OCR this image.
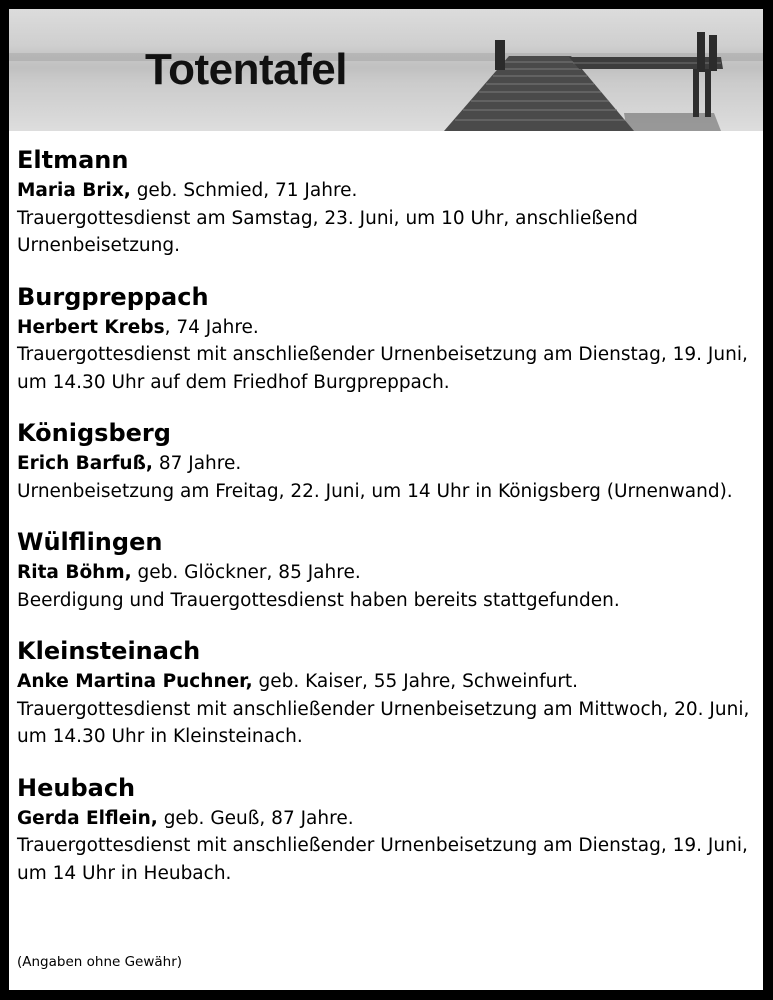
Totentafel
Eltmann
Maria Brix, geb. Schmied, 71 Jahre.
Trauergottesdienst am Samstag, 23. Juni, um 10 Uhr, anschließend Urnenbeisetzung.
Burgpreppach
Herbert Krebs, 74 Jahre.
Trauergottesdienst mit anschließender Urnenbeisetzung am Dienstag, 19. Juni, um 14.30 Uhr auf dem Friedhof Burgpreppach.
Königsberg
Erich Barfuß, 87 Jahre.
Urnenbeisetzung am Freitag, 22. Juni, um 14 Uhr in Königsberg (Urnenwand).
Wülflingen
Rita Böhm, geb. Glöckner, 85 Jahre.
Beerdigung und Trauergottesdienst haben bereits stattgefunden.
Kleinsteinach
Anke Martina Puchner, geb. Kaiser, 55 Jahre, Schweinfurt.
Trauergottesdienst mit anschließender Urnenbeisetzung am Mittwoch, 20. Juni, um 14.30 Uhr in Kleinsteinach.
Heubach
Gerda Elflein, geb. Geuß, 87 Jahre.
Trauergottesdienst mit anschließender Urnenbeisetzung am Dienstag, 19. Juni, um 14 Uhr in Heubach.
(Angaben ohne Gewähr)
